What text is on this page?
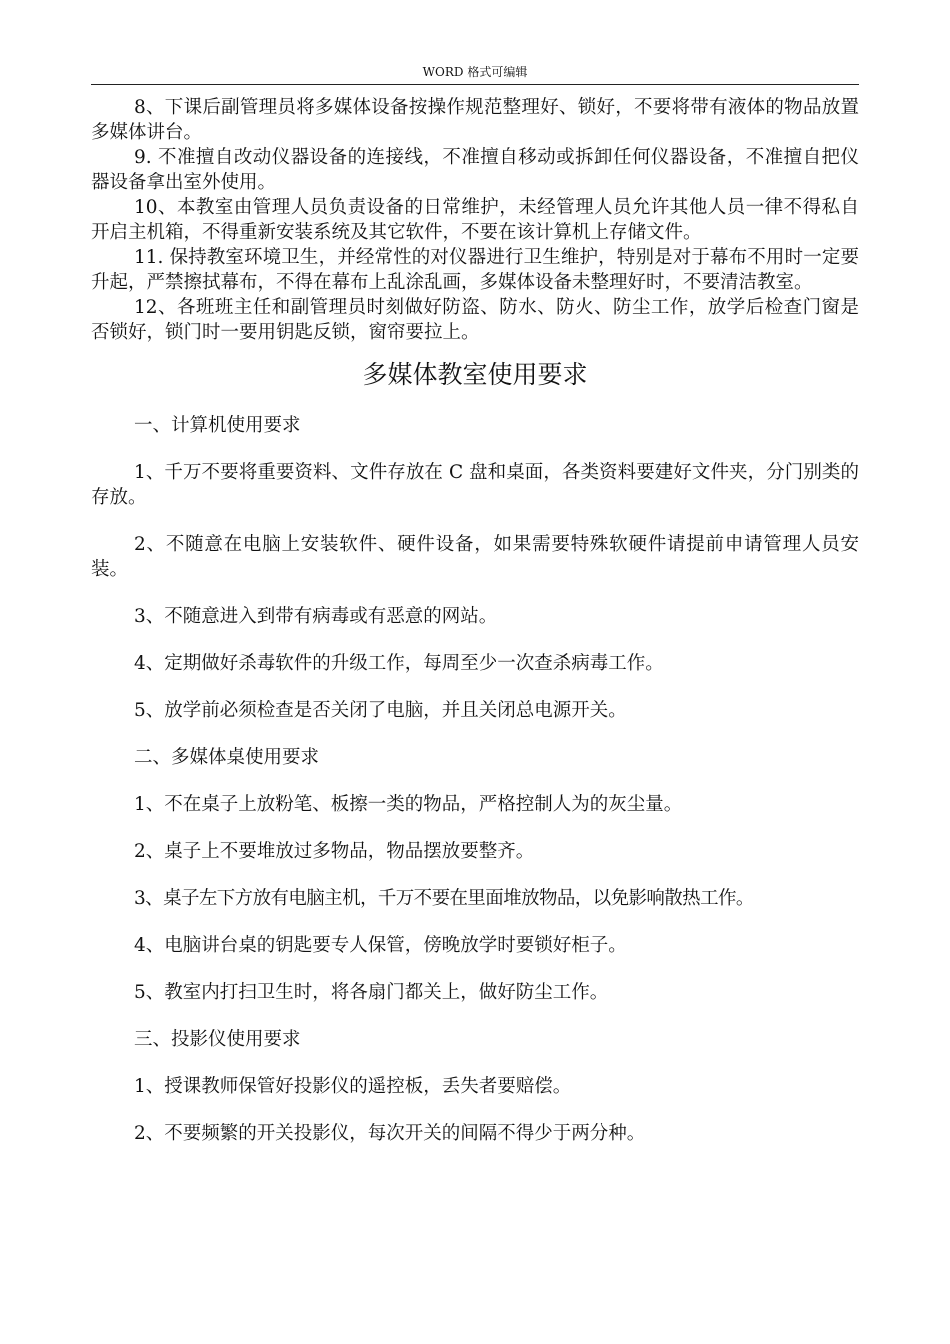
WORD 格式可编辑

8、下课后副管理员将多媒体设备按操作规范整理好、锁好，不要将带有液体的物品放置多媒体讲台。

9. 不准擅自改动仪器设备的连接线，不准擅自移动或拆卸任何仪器设备，不准擅自把仪器设备拿出室外使用。

10、本教室由管理人员负责设备的日常维护，未经管理人员允许其他人员一律不得私自开启主机箱，不得重新安装系统及其它软件，不要在该计算机上存储文件。

11. 保持教室环境卫生，并经常性的对仪器进行卫生维护，特别是对于幕布不用时一定要升起，严禁擦拭幕布，不得在幕布上乱涂乱画，多媒体设备未整理好时，不要清洁教室。

12、各班班主任和副管理员时刻做好防盗、防水、防火、防尘工作，放学后检查门窗是否锁好，锁门时一要用钥匙反锁，窗帘要拉上。

多媒体教室使用要求

一、计算机使用要求

1、千万不要将重要资料、文件存放在 C 盘和桌面，各类资料要建好文件夹，分门别类的存放。

2、不随意在电脑上安装软件、硬件设备，如果需要特殊软硬件请提前申请管理人员安装。

3、不随意进入到带有病毒或有恶意的网站。

4、定期做好杀毒软件的升级工作，每周至少一次查杀病毒工作。

5、放学前必须检查是否关闭了电脑，并且关闭总电源开关。

二、多媒体桌使用要求

1、不在桌子上放粉笔、板擦一类的物品，严格控制人为的灰尘量。

2、桌子上不要堆放过多物品，物品摆放要整齐。

3、桌子左下方放有电脑主机，千万不要在里面堆放物品，以免影响散热工作。

4、电脑讲台桌的钥匙要专人保管，傍晚放学时要锁好柜子。

5、教室内打扫卫生时，将各扇门都关上，做好防尘工作。

三、投影仪使用要求

1、授课教师保管好投影仪的遥控板，丢失者要赔偿。

2、不要频繁的开关投影仪，每次开关的间隔不得少于两分种。
